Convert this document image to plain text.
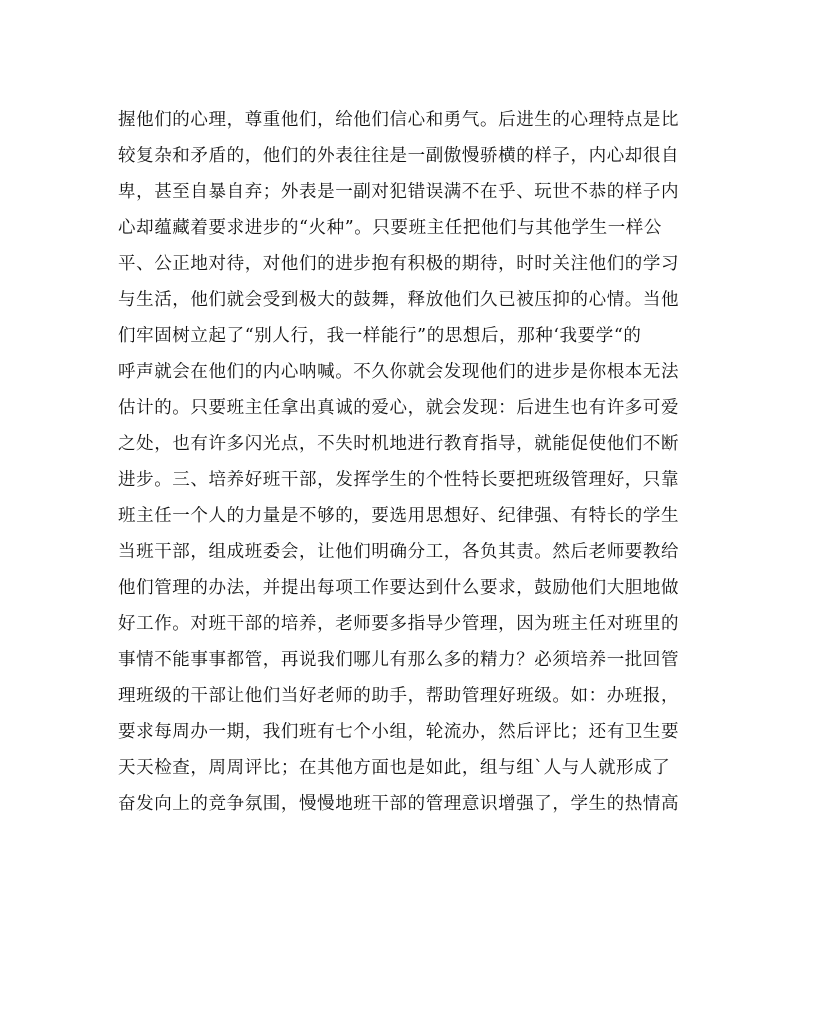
握他们的心理，尊重他们，给他们信心和勇气。后进生的心理特点是比
较复杂和矛盾的，他们的外表往往是一副傲慢骄横的样子，内心却很自
卑，甚至自暴自弃；外表是一副对犯错误满不在乎、玩世不恭的样子内
心却蕴藏着要求进步的“火种”。只要班主任把他们与其他学生一样公
平、公正地对待，对他们的进步抱有积极的期待，时时关注他们的学习
与生活，他们就会受到极大的鼓舞，释放他们久已被压抑的心情。当他
们牢固树立起了“别人行，我一样能行”的思想后，那种‘我要学“的
呼声就会在他们的内心呐喊。不久你就会发现他们的进步是你根本无法
估计的。只要班主任拿出真诚的爱心，就会发现：后进生也有许多可爱
之处，也有许多闪光点，不失时机地进行教育指导，就能促使他们不断
进步。三、培养好班干部，发挥学生的个性特长要把班级管理好，只靠
班主任一个人的力量是不够的，要选用思想好、纪律强、有特长的学生
当班干部，组成班委会，让他们明确分工，各负其责。然后老师要教给
他们管理的办法，并提出每项工作要达到什么要求，鼓励他们大胆地做
好工作。对班干部的培养，老师要多指导少管理，因为班主任对班里的
事情不能事事都管，再说我们哪儿有那么多的精力？必须培养一批回管
理班级的干部让他们当好老师的助手，帮助管理好班级。如：办班报，
要求每周办一期，我们班有七个小组，轮流办，然后评比；还有卫生要
天天检查，周周评比；在其他方面也是如此，组与组`人与人就形成了
奋发向上的竞争氛围，慢慢地班干部的管理意识增强了，学生的热情高
